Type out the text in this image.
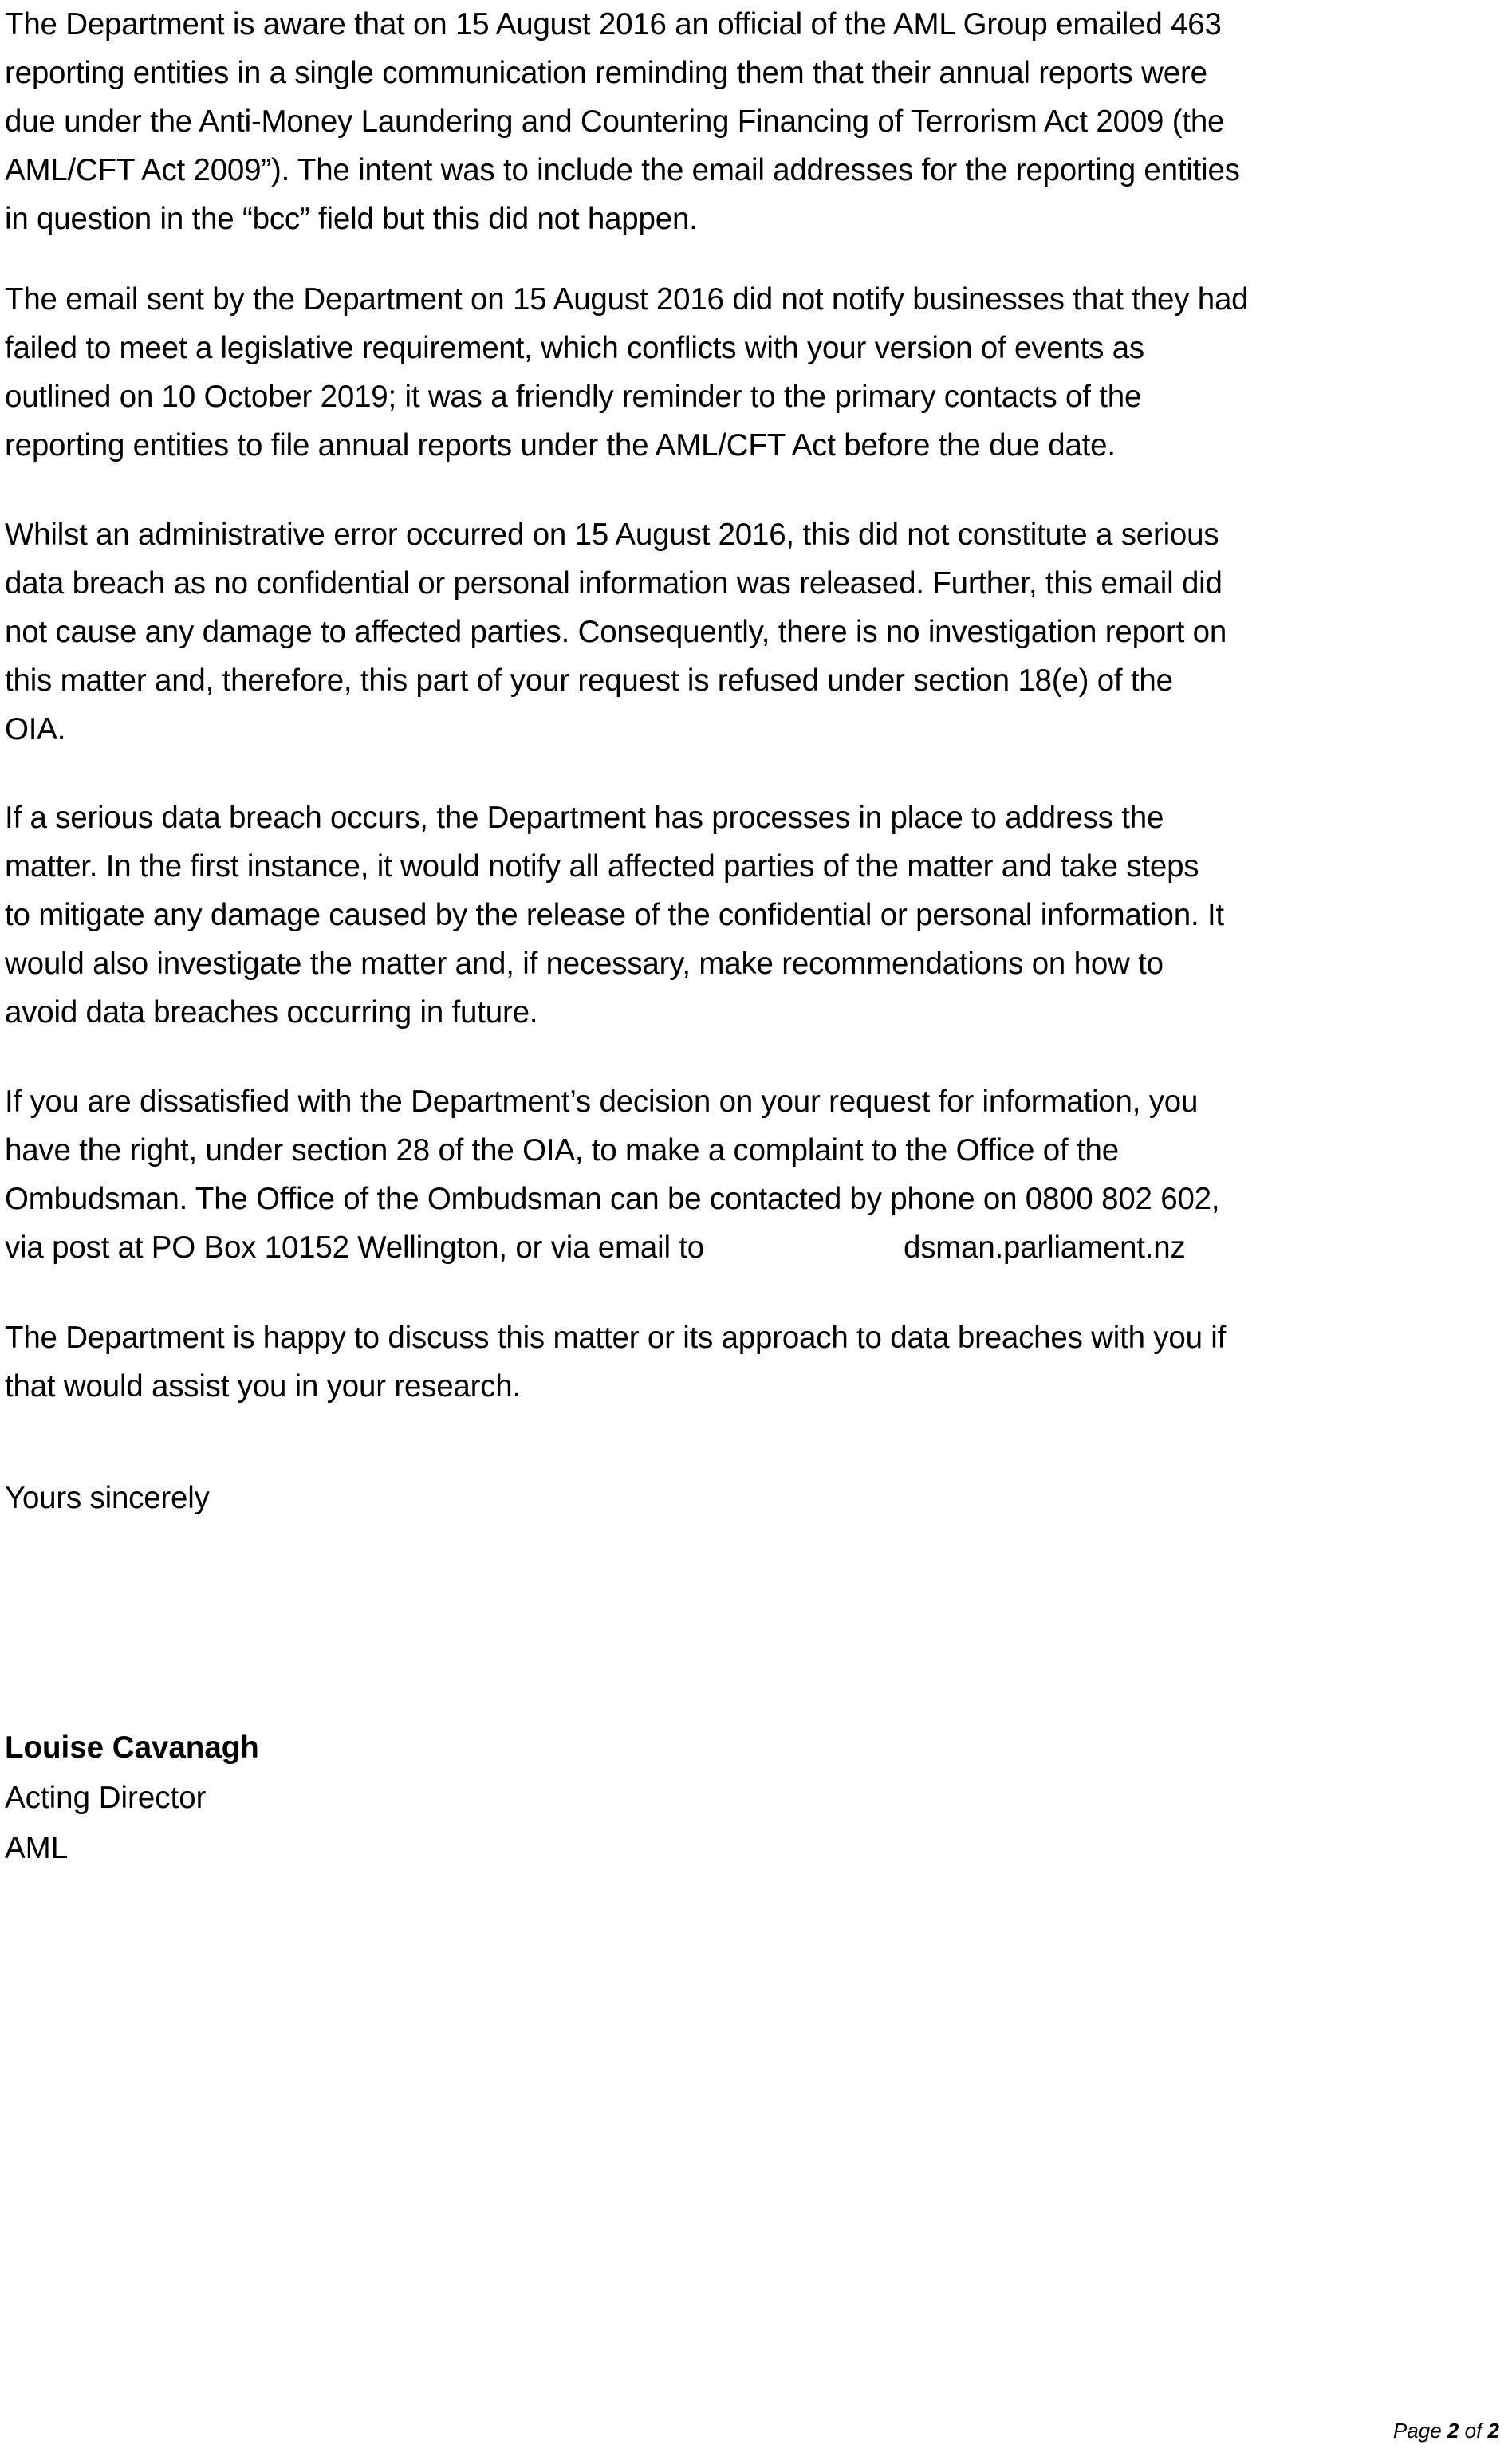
The Department is aware that on 15 August 2016 an official of the AML Group emailed 463
reporting entities in a single communication reminding them that their annual reports were
due under the Anti-Money Laundering and Countering Financing of Terrorism Act 2009 (the
AML/CFT Act 2009”). The intent was to include the email addresses for the reporting entities
in question in the “bcc” field but this did not happen.

The email sent by the Department on 15 August 2016 did not notify businesses that they had
failed to meet a legislative requirement, which conflicts with your version of events as
outlined on 10 October 2019; it was a friendly reminder to the primary contacts of the
reporting entities to file annual reports under the AML/CFT Act before the due date.

Whilst an administrative error occurred on 15 August 2016, this did not constitute a serious
data breach as no confidential or personal information was released. Further, this email did
not cause any damage to affected parties. Consequently, there is no investigation report on
this matter and, therefore, this part of your request is refused under section 18(e) of the
OIA.

If a serious data breach occurs, the Department has processes in place to address the
matter. In the first instance, it would notify all affected parties of the matter and take steps
to mitigate any damage caused by the release of the confidential or personal information. It
would also investigate the matter and, if necessary, make recommendations on how to
avoid data breaches occurring in future.

If you are dissatisfied with the Department’s decision on your request for information, you
have the right, under section 28 of the OIA, to make a complaint to the Office of the
Ombudsman. The Office of the Ombudsman can be contacted by phone on 0800 802 602,
via post at PO Box 10152 Wellington, or via email to	dsman.parliament.nz

The Department is happy to discuss this matter or its approach to data breaches with you if
that would assist you in your research.

Yours sincerely

Louise Cavanagh
Acting Director
AML
Page 2 of 2
